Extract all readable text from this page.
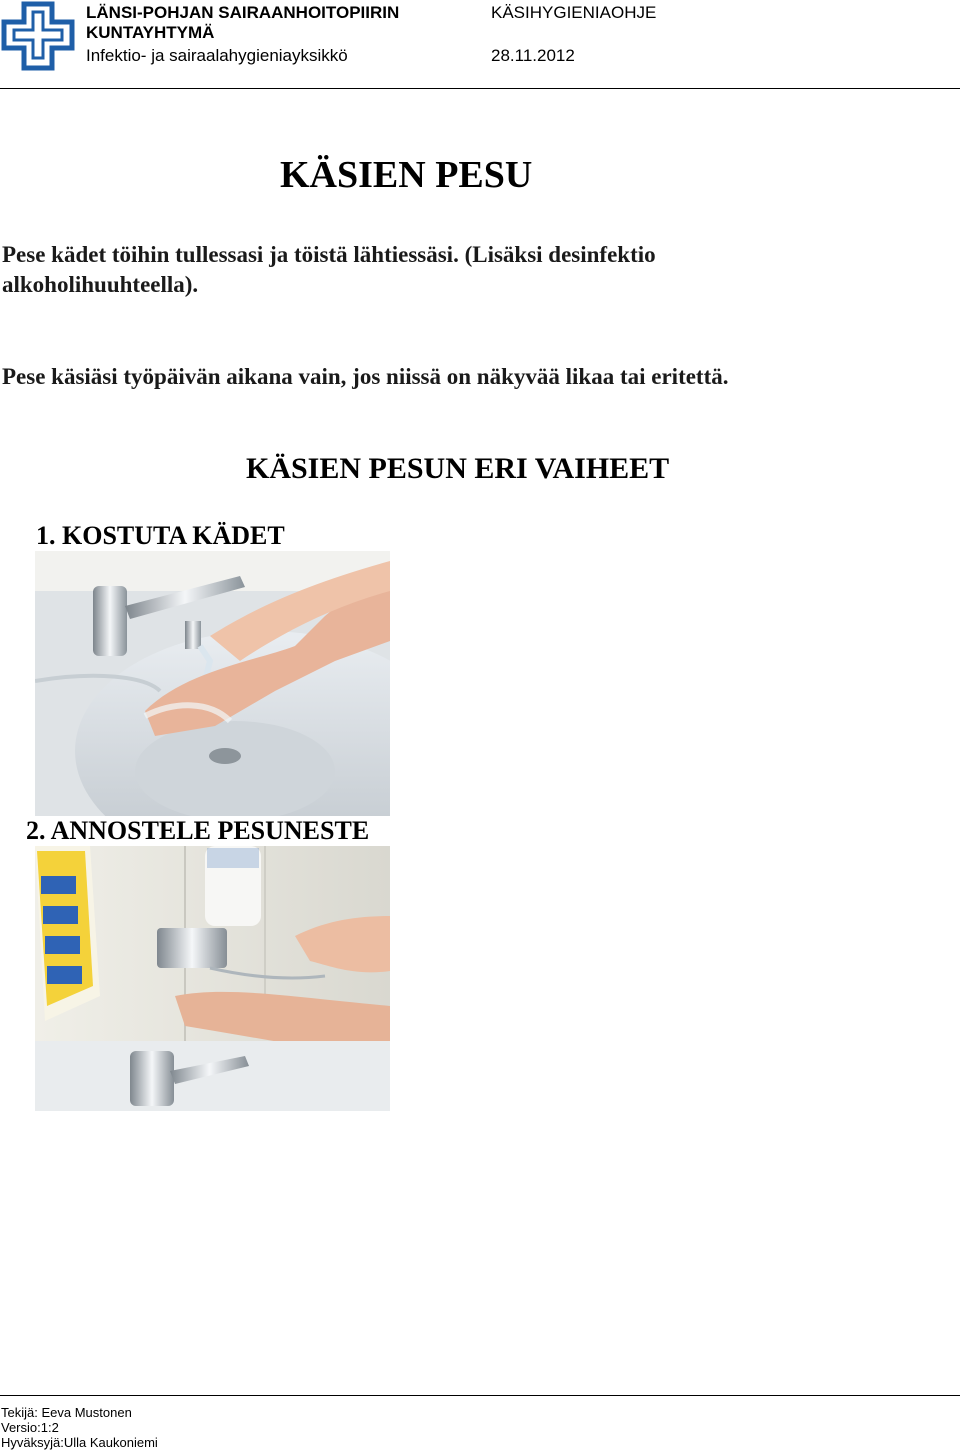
LÄNSI-POHJAN SAIRAANHOITOPIIRIN
KUNTAYHTYMÄ
Infektio- ja sairaalahygieniayksikkö
KÄSIHYGIENIAOHJE
28.11.2012
KÄSIEN PESU
Pese kädet töihin tullessasi ja töistä lähtiessäsi. (Lisäksi desinfektio alkoholihuuhteella).
Pese käsiäsi työpäivän aikana vain, jos niissä on näkyvää likaa tai eritettä.
KÄSIEN PESUN ERI VAIHEET
1. KOSTUTA KÄDET
2. ANNOSTELE PESUNESTE
Tekijä: Eeva Mustonen
Versio:1:2
Hyväksyjä:Ulla Kaukoniemi
